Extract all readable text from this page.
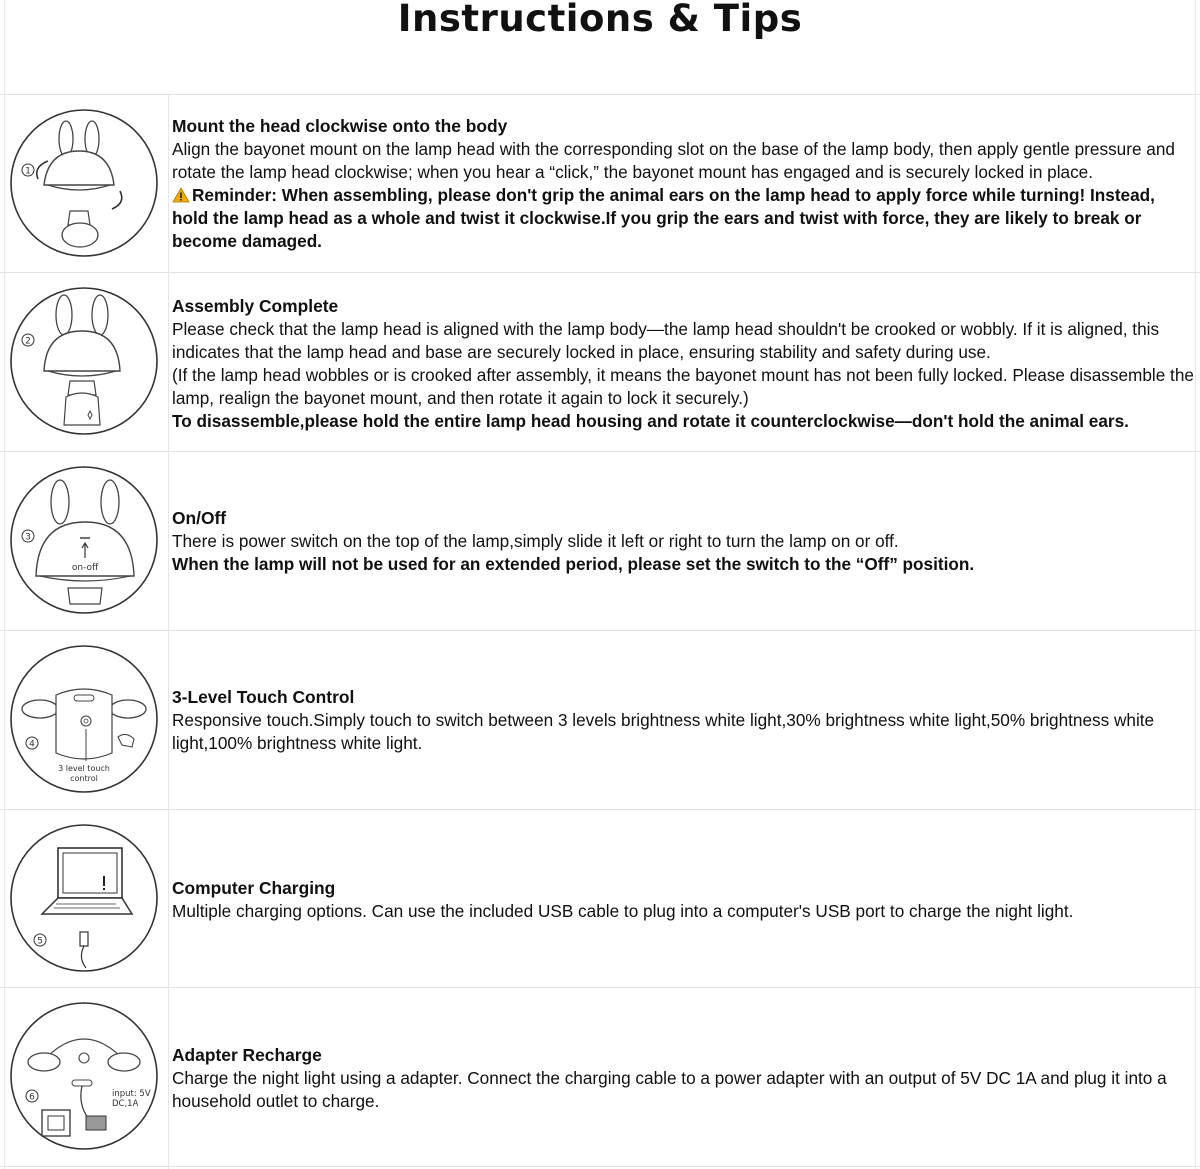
Instructions & Tips
1

Mount the head clockwise onto the body

Align the bayonet mount on the lamp head with the corresponding slot on the base of the lamp body, then apply gentle pressure and rotate the lamp head clockwise; when you hear a “click,” the bayonet mount has engaged and is securely locked in place.

Reminder: When assembling, please don't grip the animal ears on the lamp head to apply force while turning! Instead, hold the lamp head as a whole and twist it clockwise.If you grip the ears and twist with force, they are likely to break or become damaged.

2

Assembly Complete

Please check that the lamp head is aligned with the lamp body—the lamp head shouldn't be crooked or wobbly. If it is aligned, this indicates that the lamp head and base are securely locked in place, ensuring stability and safety during use.

(If the lamp head wobbles or is crooked after assembly, it means the bayonet mount has not been fully locked. Please disassemble the lamp, realign the bayonet mount, and then rotate it again to lock it securely.)

To disassemble,please hold the entire lamp head housing and rotate it counterclockwise—don't hold the animal ears.

on-off
3

On/Off

There is power switch on the top of the lamp,simply slide it left or right to turn the lamp on or off.

When the lamp will not be used for an extended period, please set the switch to the “Off” position.

4
3 level touch
control

3-Level Touch Control

Responsive touch.Simply touch to switch between 3 levels brightness white light,30% brightness white light,50% brightness white light,100% brightness white light.

5

Computer Charging

Multiple charging options. Can use the included USB cable to plug into a computer's USB port to charge the night light.

6	input: 5V
DC,1A

Adapter Recharge

Charge the night light using a adapter. Connect the charging cable to a power adapter with an output of 5V DC 1A and plug it into a household outlet to charge.
